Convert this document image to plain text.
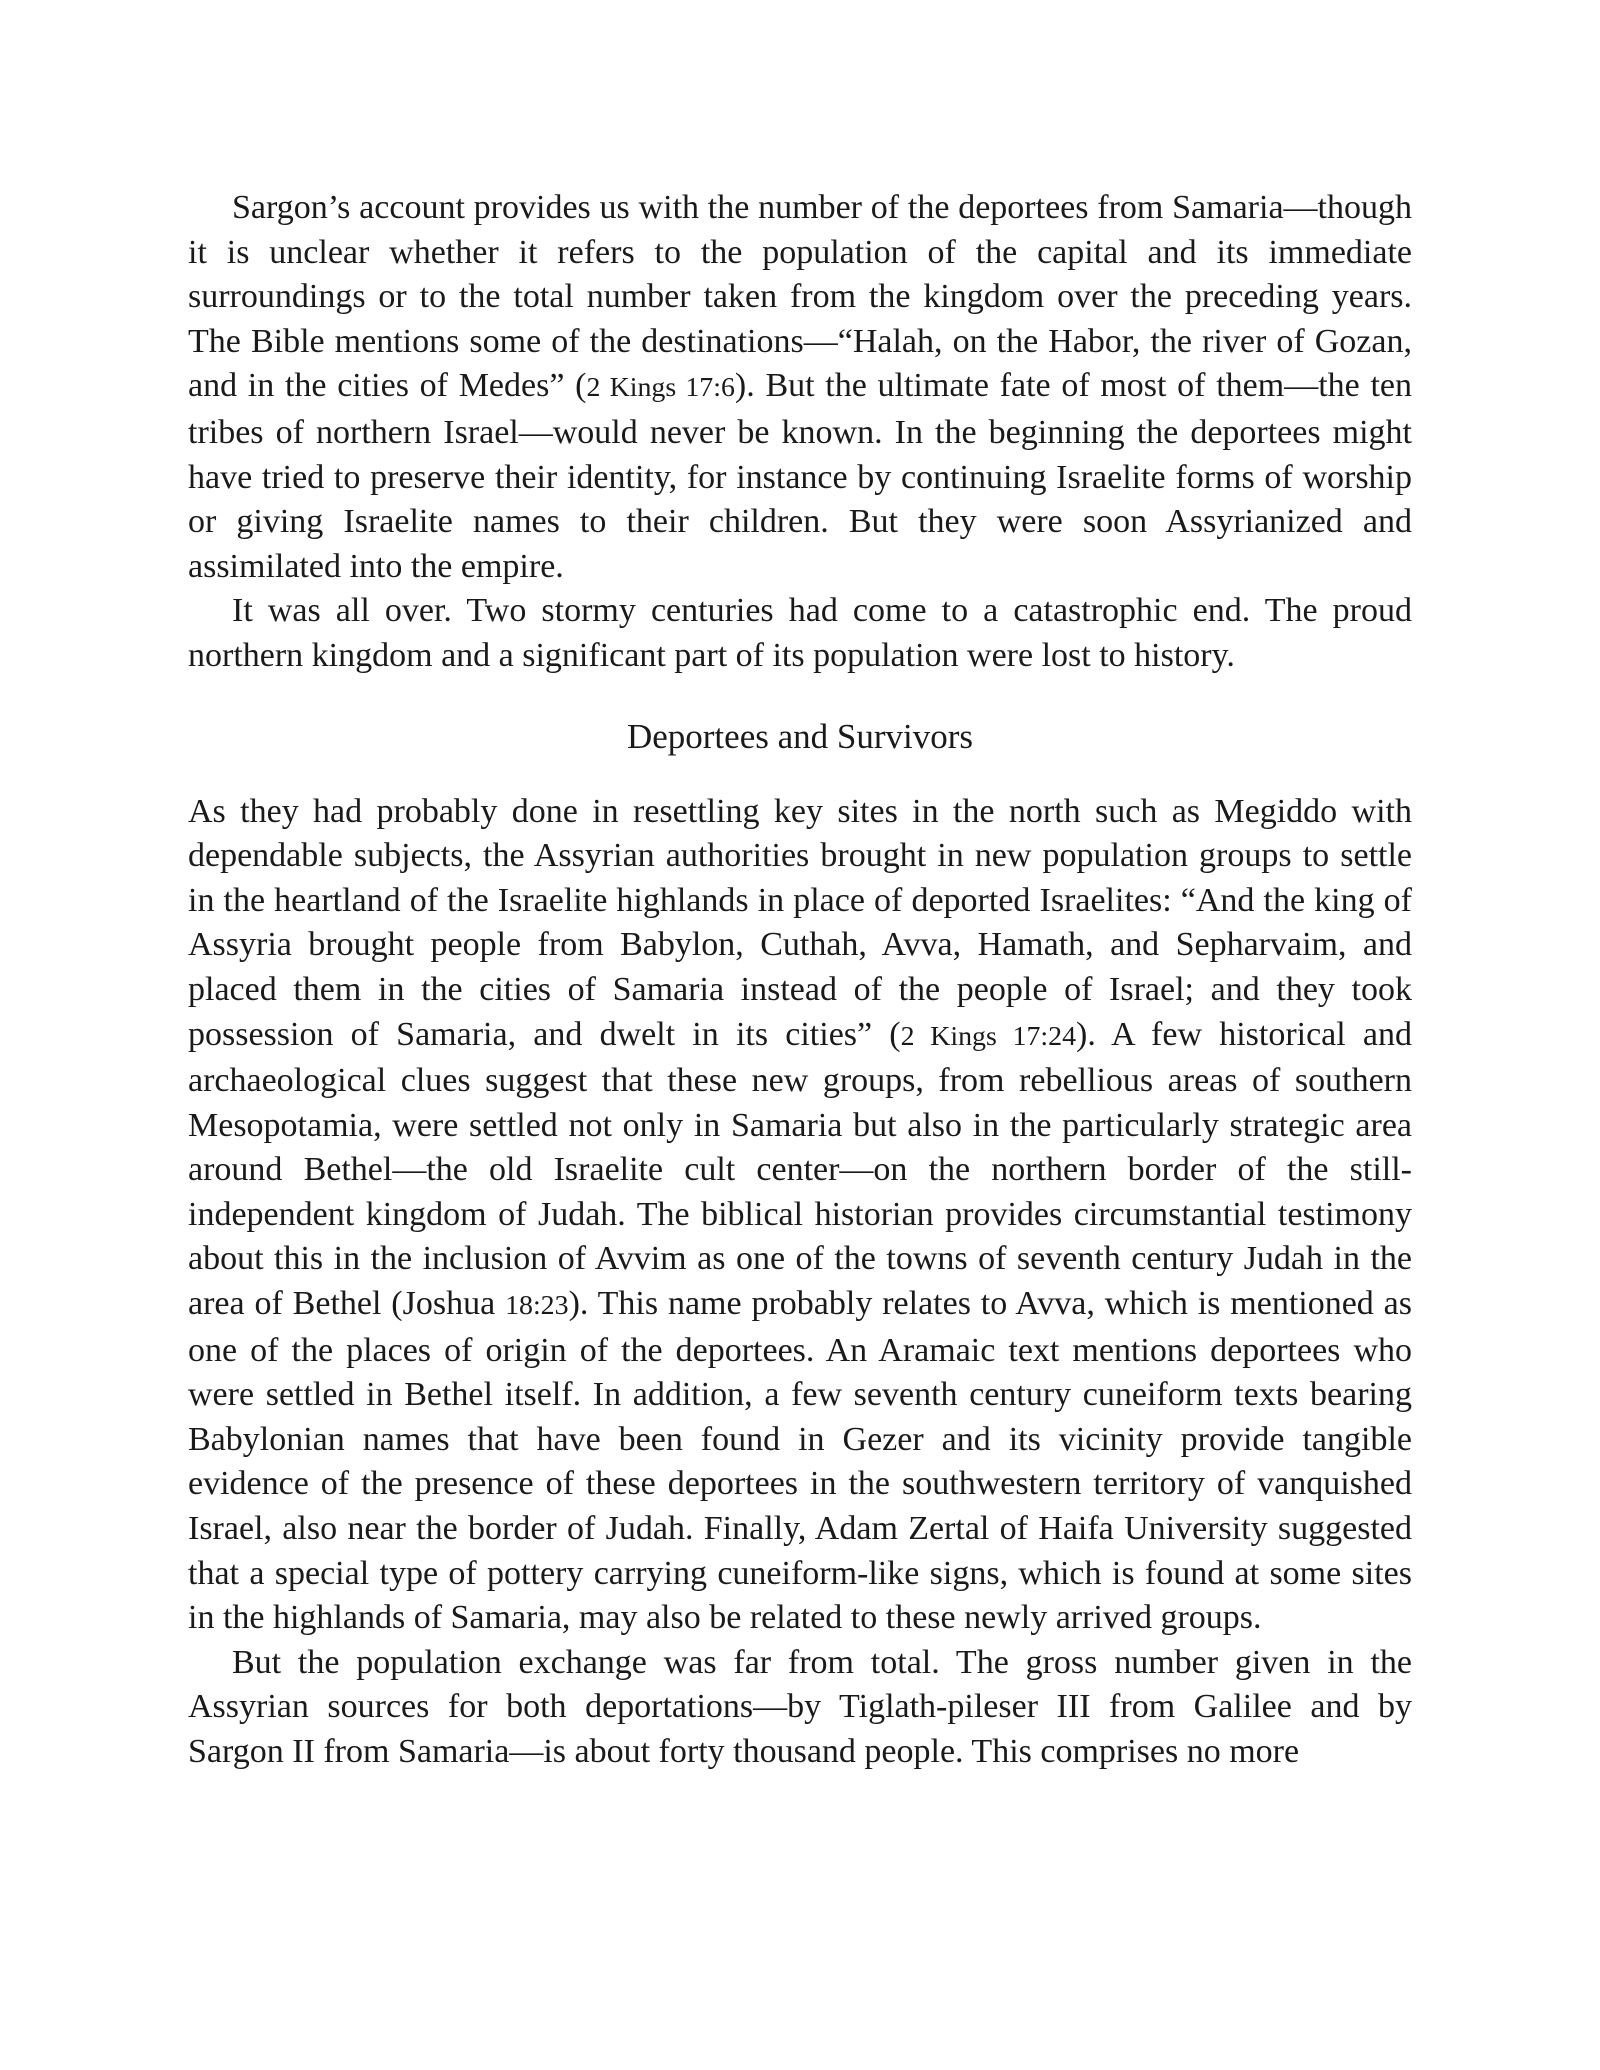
Sargon’s account provides us with the number of the deportees from Samaria—though it is unclear whether it refers to the population of the capital and its immediate surroundings or to the total number taken from the kingdom over the preceding years. The Bible mentions some of the destinations—“Halah, on the Habor, the river of Gozan, and in the cities of Medes” (2 Kings 17:6). But the ultimate fate of most of them—the ten tribes of northern Israel—would never be known. In the beginning the deportees might have tried to preserve their identity, for instance by continuing Israelite forms of worship or giving Israelite names to their children. But they were soon Assyrianized and assimilated into the empire.

It was all over. Two stormy centuries had come to a catastrophic end. The proud northern kingdom and a significant part of its population were lost to history.

Deportees and Survivors

As they had probably done in resettling key sites in the north such as Megiddo with dependable subjects, the Assyrian authorities brought in new population groups to settle in the heartland of the Israelite highlands in place of deported Israelites: “And the king of Assyria brought people from Babylon, Cuthah, Avva, Hamath, and Sepharvaim, and placed them in the cities of Samaria instead of the people of Israel; and they took possession of Samaria, and dwelt in its cities” (2 Kings 17:24). A few historical and archaeological clues suggest that these new groups, from rebellious areas of southern Mesopotamia, were settled not only in Samaria but also in the particularly strategic area around Bethel—the old Israelite cult center—on the northern border of the still-independent kingdom of Judah. The biblical historian provides circumstantial testimony about this in the inclusion of Avvim as one of the towns of seventh century Judah in the area of Bethel (Joshua 18:23). This name probably relates to Avva, which is mentioned as one of the places of origin of the deportees. An Aramaic text mentions deportees who were settled in Bethel itself. In addition, a few seventh century cuneiform texts bearing Babylonian names that have been found in Gezer and its vicinity provide tangible evidence of the presence of these deportees in the southwestern territory of vanquished Israel, also near the border of Judah. Finally, Adam Zertal of Haifa University suggested that a special type of pottery carrying cuneiform-like signs, which is found at some sites in the highlands of Samaria, may also be related to these newly arrived groups.

But the population exchange was far from total. The gross number given in the Assyrian sources for both deportations—by Tiglath-pileser III from Galilee and by Sargon II from Samaria—is about forty thousand people. This comprises no more
